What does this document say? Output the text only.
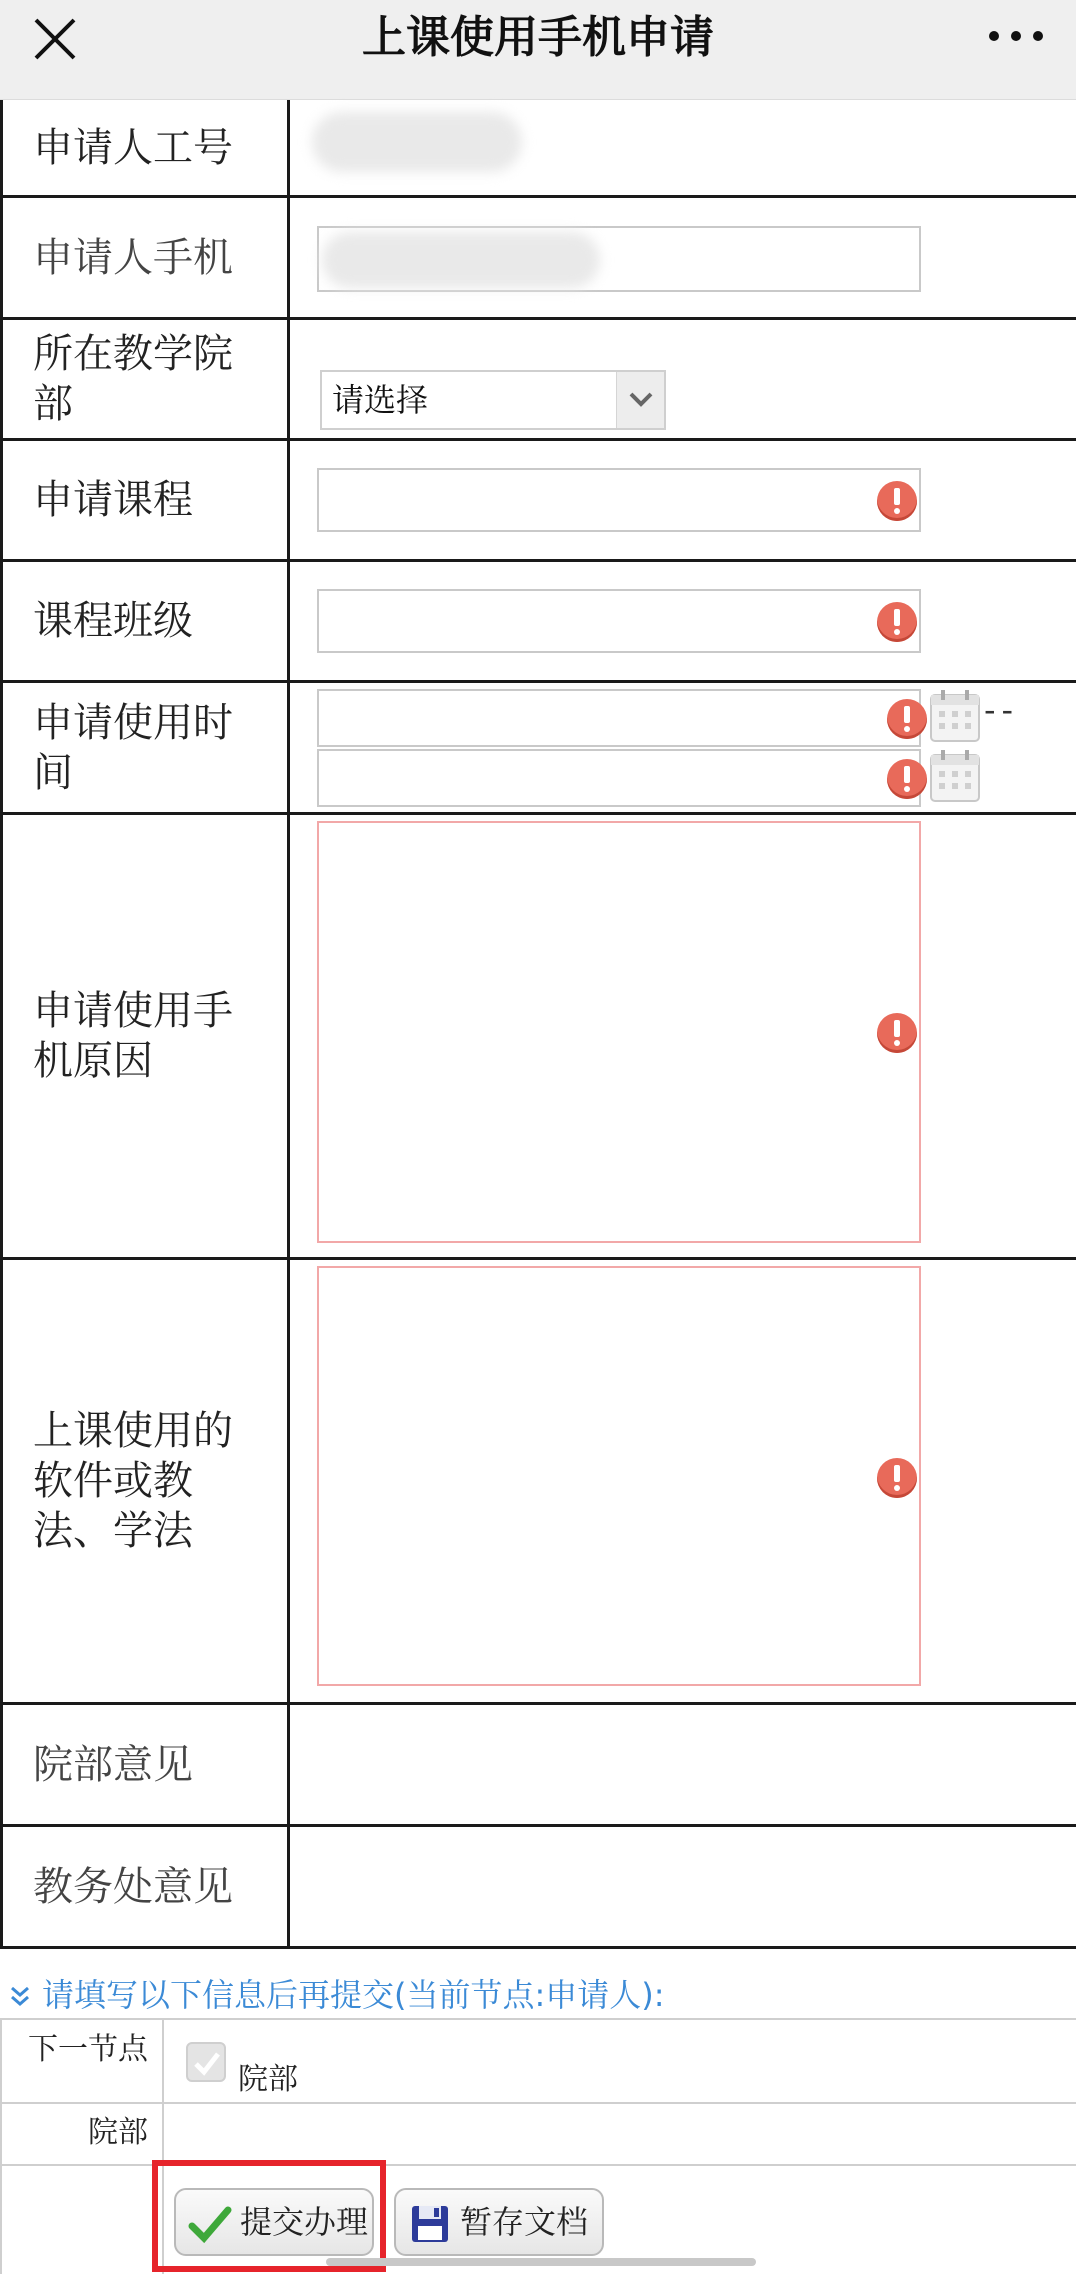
上课使用手机申请
申请人工号
申请人手机
所在教学院部	请选择
申请课程
课程班级
申请使用时间
--
申请使用手机原因
上课使用的软件或教法、学法
院部意见
教务处意见
请填写以下信息后再提交(当前节点:申请人):
下一节点
院部
院部
提交办理	暂存文档
